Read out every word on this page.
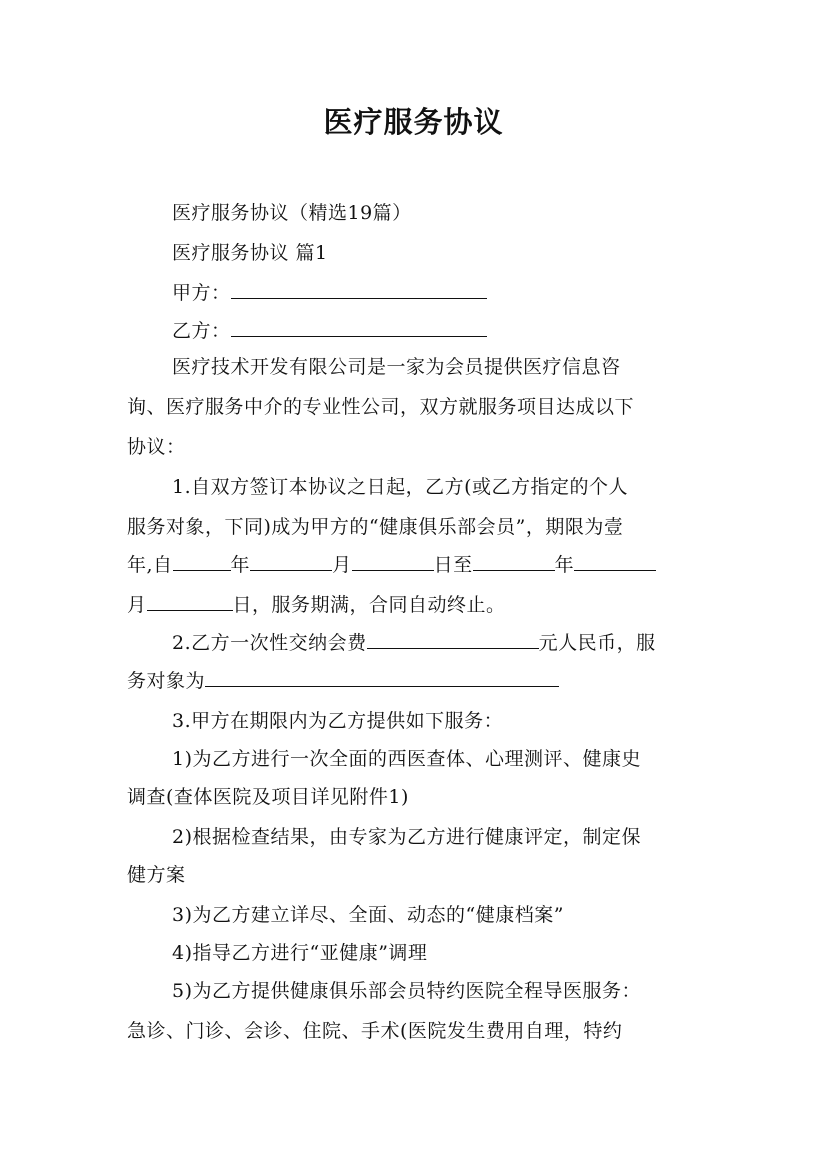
医疗服务协议
医疗服务协议（精选19篇）
医疗服务协议 篇1
甲方：
乙方：
医疗技术开发有限公司是一家为会员提供医疗信息咨
询、医疗服务中介的专业性公司，双方就服务项目达成以下
协议：
1.自双方签订本协议之日起，乙方(或乙方指定的个人
服务对象，下同)成为甲方的“健康俱乐部会员”，期限为壹
年,自	年	月	日至	年
月	日，服务期满，合同自动终止。
2.乙方一次性交纳会费	元人民币，服
务对象为
3.甲方在期限内为乙方提供如下服务：
1)为乙方进行一次全面的西医查体、心理测评、健康史
调查(查体医院及项目详见附件1)
2)根据检查结果，由专家为乙方进行健康评定，制定保
健方案
3)为乙方建立详尽、全面、动态的“健康档案”
4)指导乙方进行“亚健康”调理
5)为乙方提供健康俱乐部会员特约医院全程导医服务：
急诊、门诊、会诊、住院、手术(医院发生费用自理，特约
